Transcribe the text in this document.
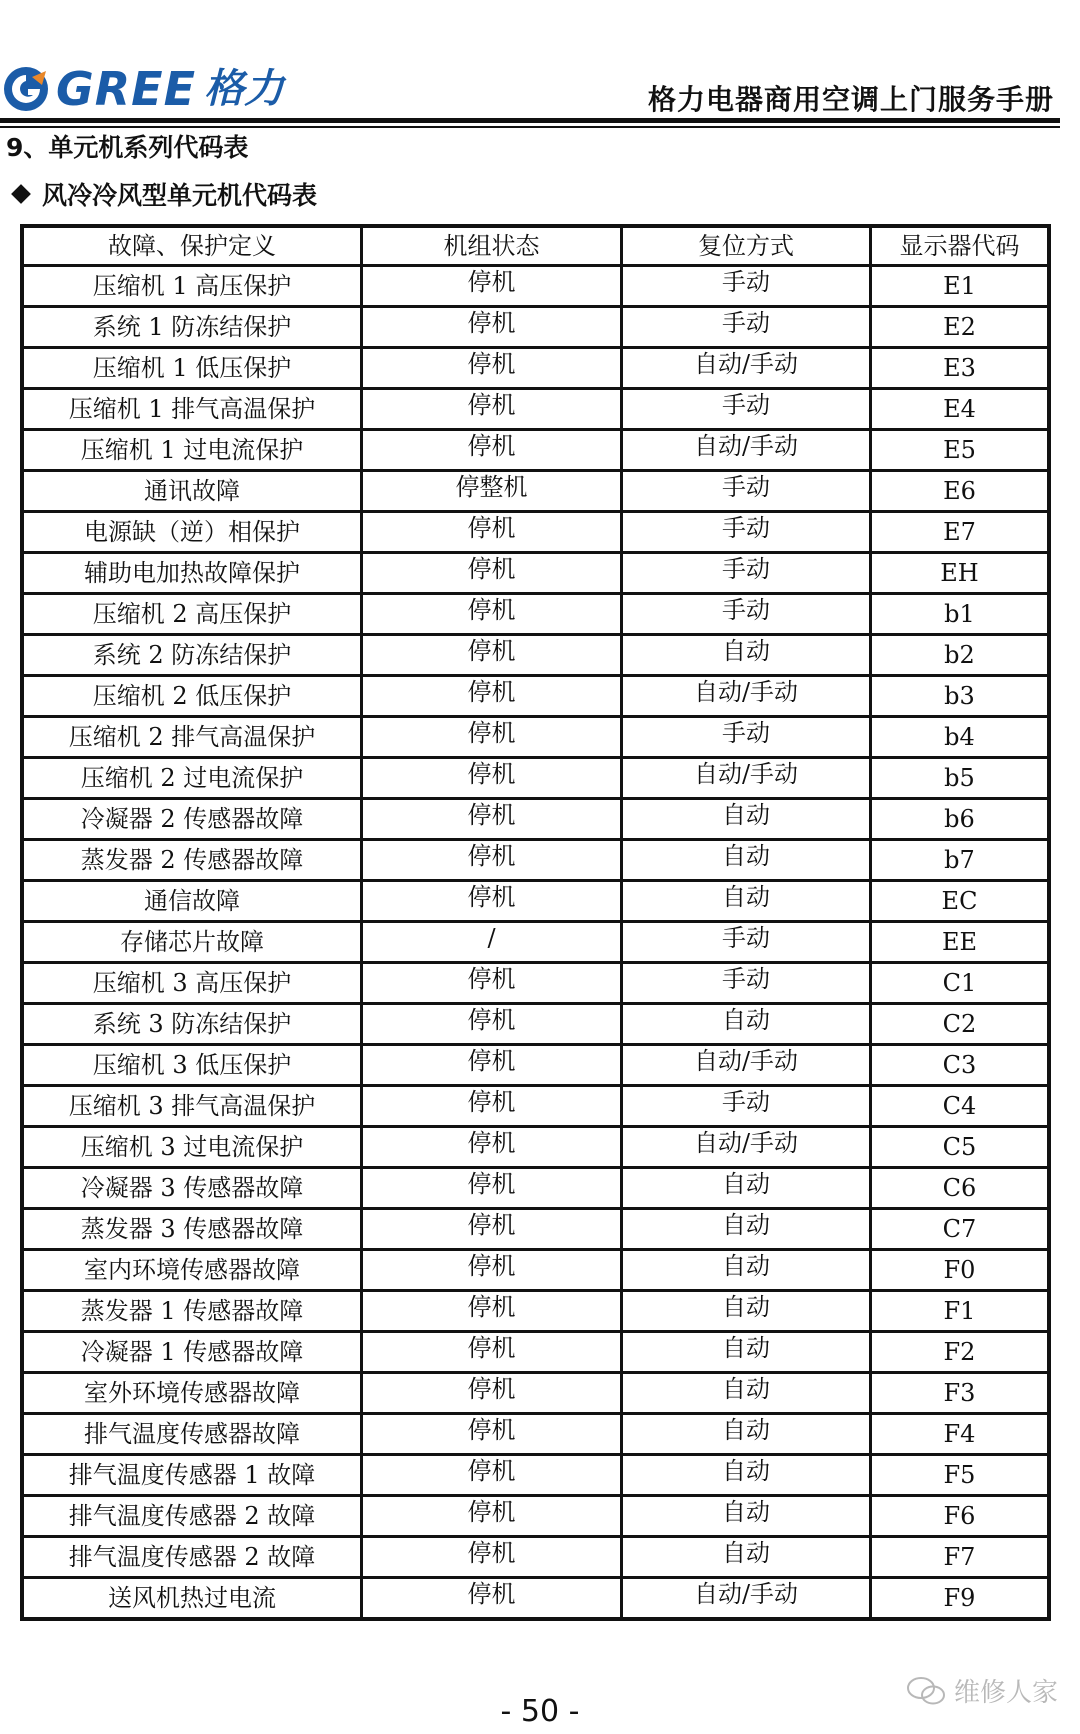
GREE 格力	格力电器商用空调上门服务手册
9、单元机系列代码表
风冷冷风型单元机代码表
故障、保护定义	机组状态	复位方式	显示器代码
压缩机 1 高压保护	停机	手动	E1
系统 1 防冻结保护	停机	手动	E2
压缩机 1 低压保护	停机	自动/手动	E3
压缩机 1 排气高温保护	停机	手动	E4
压缩机 1 过电流保护	停机	自动/手动	E5
通讯故障	停整机	手动	E6
电源缺（逆）相保护	停机	手动	E7
辅助电加热故障保护	停机	手动	EH
压缩机 2 高压保护	停机	手动	b1
系统 2 防冻结保护	停机	自动	b2
压缩机 2 低压保护	停机	自动/手动	b3
压缩机 2 排气高温保护	停机	手动	b4
压缩机 2 过电流保护	停机	自动/手动	b5
冷凝器 2 传感器故障	停机	自动	b6
蒸发器 2 传感器故障	停机	自动	b7
通信故障	停机	自动	EC
存储芯片故障	/	手动	EE
压缩机 3 高压保护	停机	手动	C1
系统 3 防冻结保护	停机	自动	C2
压缩机 3 低压保护	停机	自动/手动	C3
压缩机 3 排气高温保护	停机	手动	C4
压缩机 3 过电流保护	停机	自动/手动	C5
冷凝器 3 传感器故障	停机	自动	C6
蒸发器 3 传感器故障	停机	自动	C7
室内环境传感器故障	停机	自动	F0
蒸发器 1 传感器故障	停机	自动	F1
冷凝器 1 传感器故障	停机	自动	F2
室外环境传感器故障	停机	自动	F3
排气温度传感器故障	停机	自动	F4
排气温度传感器 1 故障	停机	自动	F5
排气温度传感器 2 故障	停机	自动	F6
排气温度传感器 2 故障	停机	自动	F7
送风机热过电流	停机	自动/手动	F9
- 50 -
维修人家
